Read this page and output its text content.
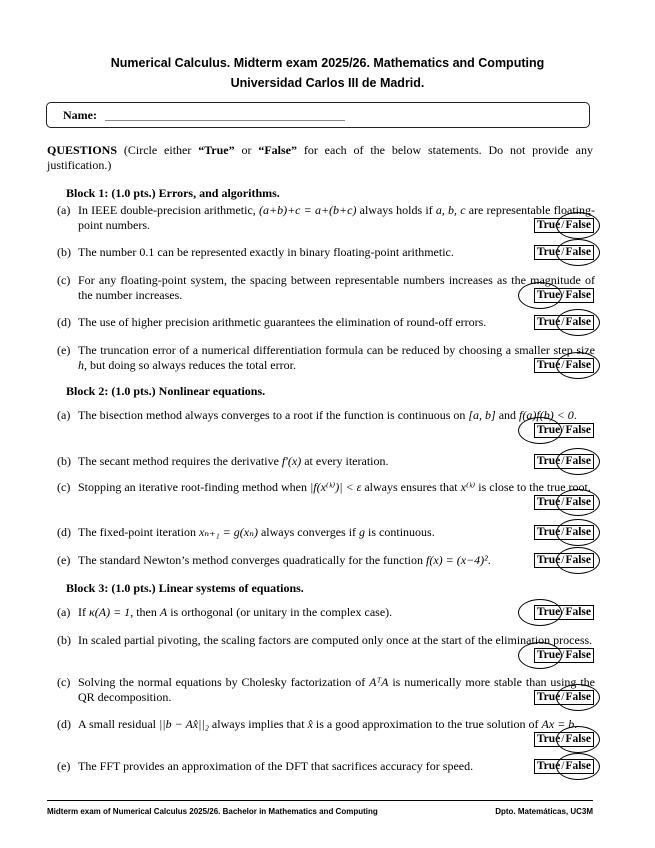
Numerical Calculus. Midterm exam 2025/26. Mathematics and Computing
Universidad Carlos III de Madrid.
Name:
QUESTIONS (Circle either “True” or “False” for each of the below statements. Do not provide any justification.)
Block 1: (1.0 pts.) Errors, and algorithms.
(a) In IEEE double-precision arithmetic, (a+b)+c = a+(b+c) always holds if a, b, c are representable floating-point numbers.	True/False
(b) The number 0.1 can be represented exactly in binary floating-point arithmetic.	True/False
(c) For any floating-point system, the spacing between representable numbers increases as the magnitude of the number increases.	True/False
(d) The use of higher precision arithmetic guarantees the elimination of round-off errors.	True/False
(e) The truncation error of a numerical differentiation formula can be reduced by choosing a smaller step size h, but doing so always reduces the total error.	True/False
Block 2: (1.0 pts.) Nonlinear equations.
(a) The bisection method always converges to a root if the function is continuous on [a, b] and f(a)f(b) < 0.
True/False
(b) The secant method requires the derivative f′(x) at every iteration.	True/False
(c) Stopping an iterative root-finding method when |f(x⁽ᵏ⁾)| < ε always ensures that x⁽ᵏ⁾ is close to the true root.
True/False
(d) The fixed-point iteration xₙ₊₁ = g(xₙ) always converges if g is continuous.	True/False
(e) The standard Newton’s method converges quadratically for the function f(x) = (x−4)².	True/False
Block 3: (1.0 pts.) Linear systems of equations.
(a) If κ(A) = 1, then A is orthogonal (or unitary in the complex case).	True/False
(b) In scaled partial pivoting, the scaling factors are computed only once at the start of the elimination process.
True/False
(c) Solving the normal equations by Cholesky factorization of AᵀA is numerically more stable than using the QR decomposition.	True/False
(d) A small residual ||b − Ax̂||₂ always implies that x̂ is a good approximation to the true solution of Ax = b.
True/False
(e) The FFT provides an approximation of the DFT that sacrifices accuracy for speed.	True/False
Midterm exam of Numerical Calculus 2025/26. Bachelor in Mathematics and Computing	Dpto. Matemáticas, UC3M
